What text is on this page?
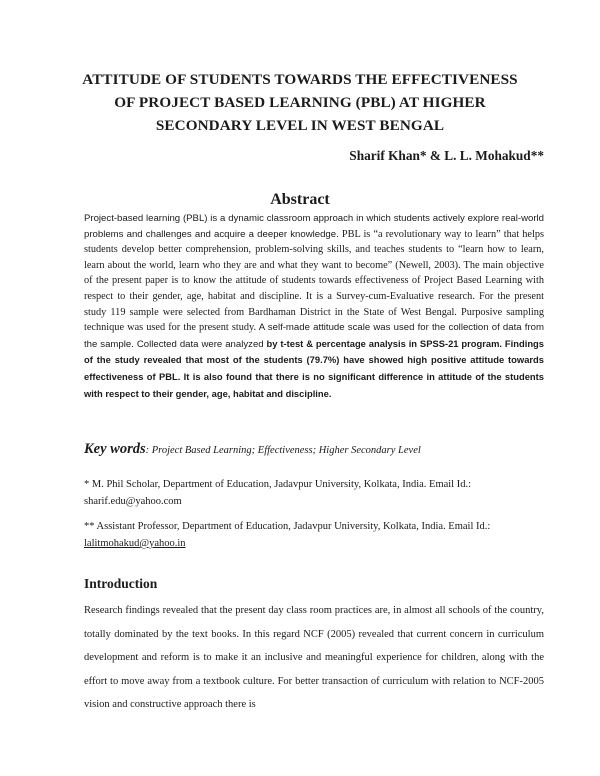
ATTITUDE OF STUDENTS TOWARDS THE EFFECTIVENESS
OF PROJECT BASED LEARNING (PBL) AT HIGHER
SECONDARY LEVEL IN WEST BENGAL
Sharif Khan* & L. L. Mohakud**
Abstract
Project-based learning (PBL) is a dynamic classroom approach in which students actively explore real-world problems and challenges and acquire a deeper knowledge. PBL is “a revolutionary way to learn” that helps students develop better comprehension, problem-solving skills, and teaches students to “learn how to learn, learn about the world, learn who they are and what they want to become” (Newell, 2003). The main objective of the present paper is to know the attitude of students towards effectiveness of Project Based Learning with respect to their gender, age, habitat and discipline. It is a Survey-cum-Evaluative research. For the present study 119 sample were selected from Bardhaman District in the State of West Bengal. Purposive sampling technique was used for the present study. A self-made attitude scale was used for the collection of data from the sample. Collected data were analyzed by t-test & percentage analysis in SPSS-21 program. Findings of the study revealed that most of the students (79.7%) have showed high positive attitude towards effectiveness of PBL. It is also found that there is no significant difference in attitude of the students with respect to their gender, age, habitat and discipline.
Key words: Project Based Learning; Effectiveness; Higher Secondary Level
* M. Phil Scholar, Department of Education, Jadavpur University, Kolkata, India. Email Id.: sharif.edu@yahoo.com
** Assistant Professor, Department of Education, Jadavpur University, Kolkata, India. Email Id.:
lalitmohakud@yahoo.in
Introduction
Research findings revealed that the present day class room practices are, in almost all schools of the country, totally dominated by the text books. In this regard NCF (2005) revealed that current concern in curriculum development and reform is to make it an inclusive and meaningful experience for children, along with the effort to move away from a textbook culture. For better transaction of curriculum with relation to NCF-2005 vision and constructive approach there is
